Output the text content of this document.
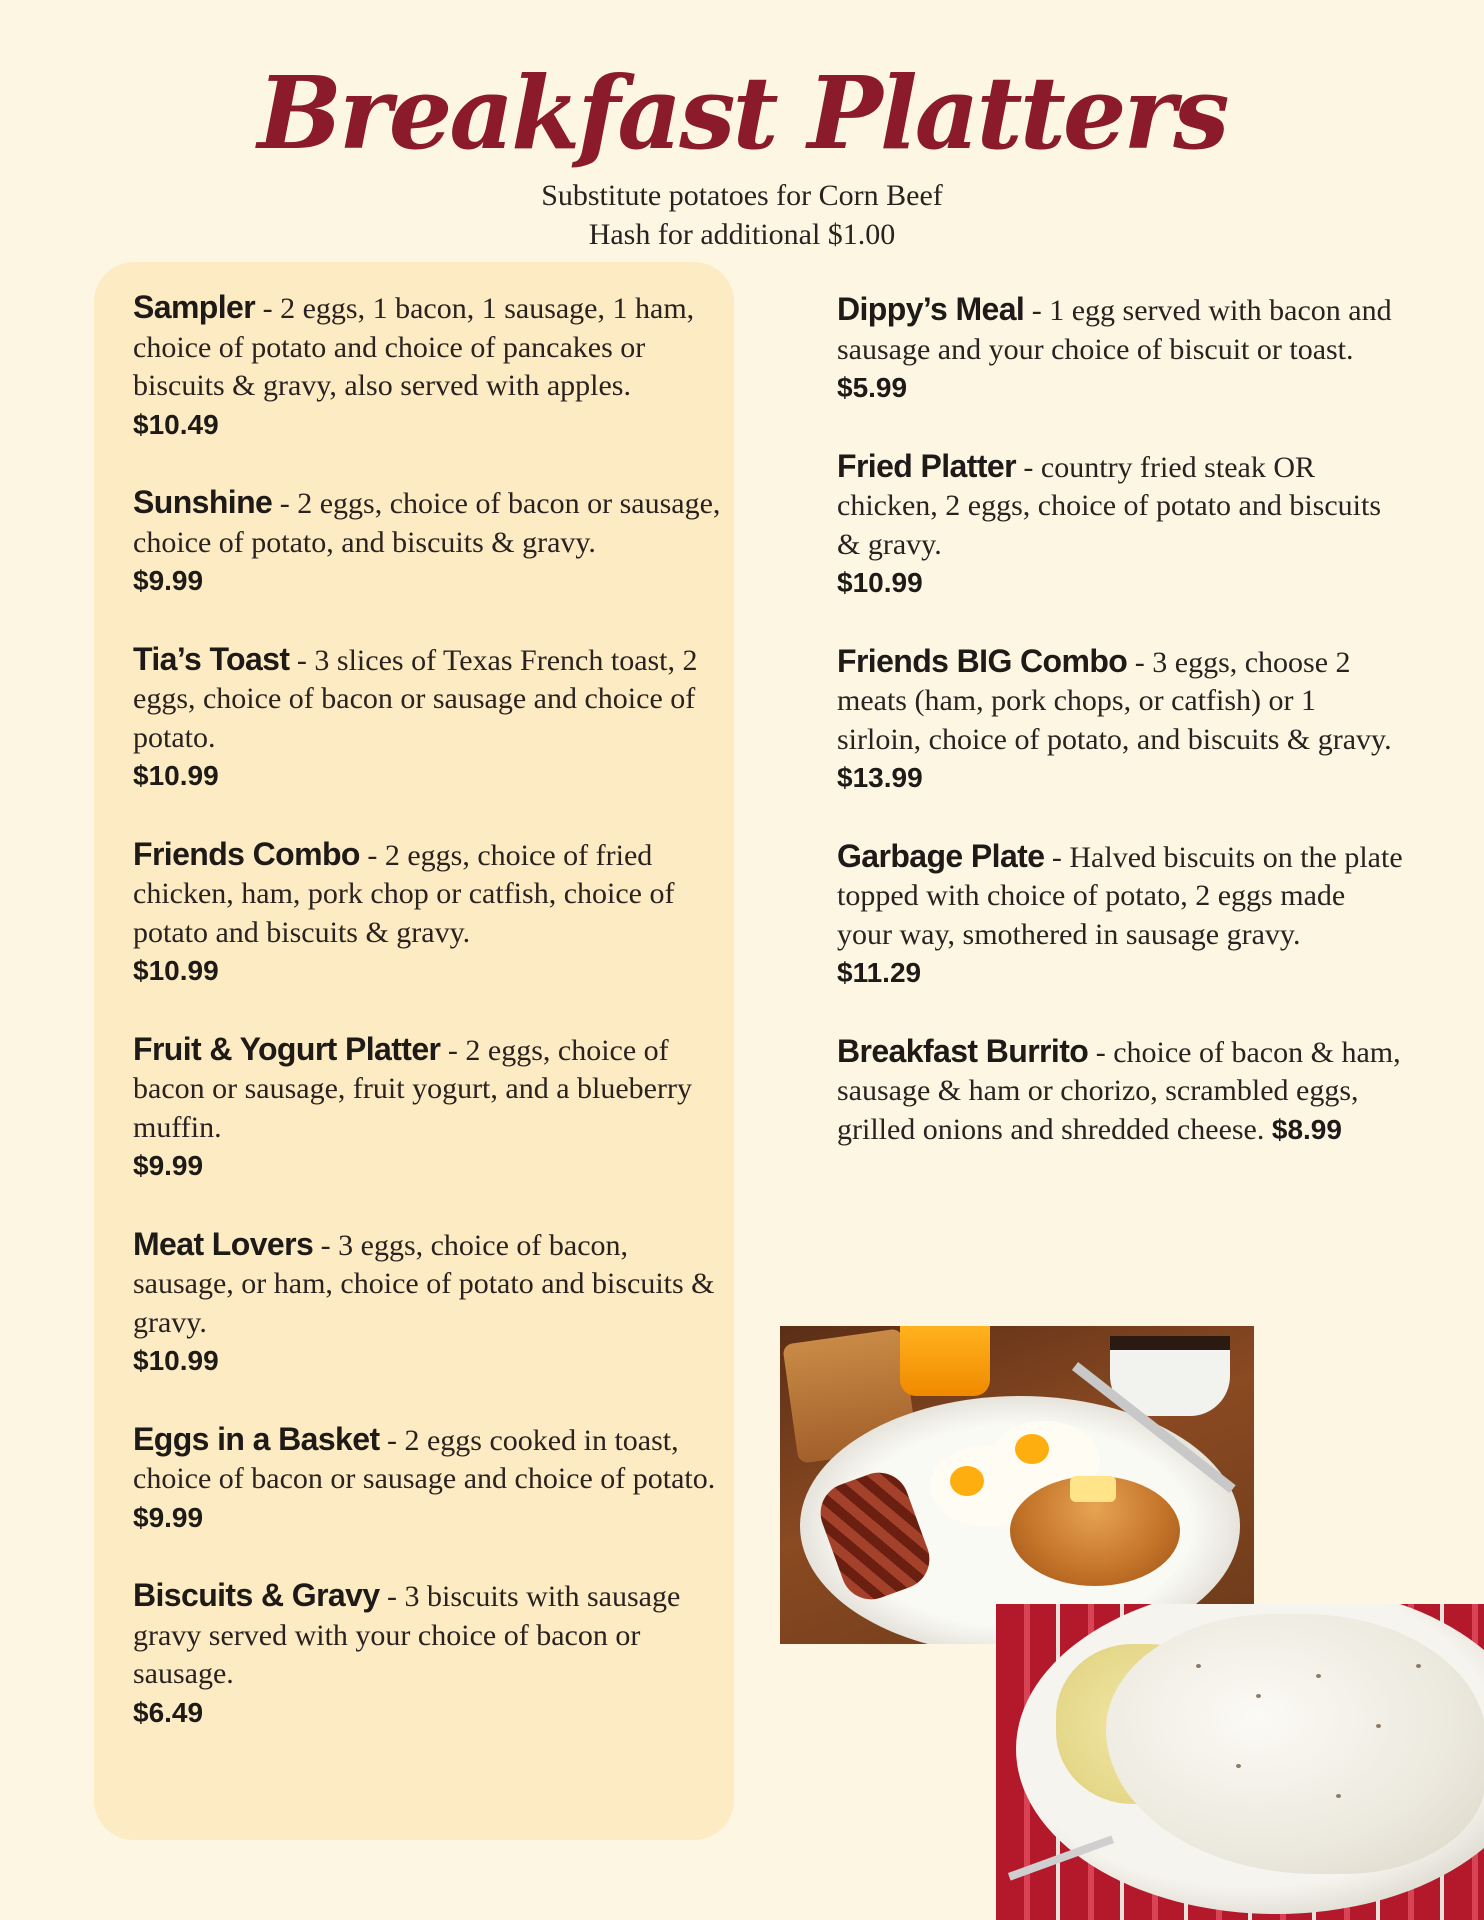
Breakfast Platters
Substitute potatoes for Corn Beef
Hash for additional $1.00
Sampler - 2 eggs, 1 bacon, 1 sausage, 1 ham, choice of potato and choice of pancakes or biscuits & gravy, also served with apples.
$10.49
Sunshine - 2 eggs, choice of bacon or sausage, choice of potato, and biscuits & gravy.
$9.99
Tia’s Toast - 3 slices of Texas French toast, 2 eggs, choice of bacon or sausage and choice of potato.
$10.99
Friends Combo - 2 eggs, choice of fried chicken, ham, pork chop or catfish, choice of potato and biscuits & gravy.
$10.99
Fruit & Yogurt Platter - 2 eggs, choice of bacon or sausage, fruit yogurt, and a blueberry muffin.
$9.99
Meat Lovers - 3 eggs, choice of bacon, sausage, or ham, choice of potato and biscuits & gravy.
$10.99
Eggs in a Basket - 2 eggs cooked in toast, choice of bacon or sausage and choice of potato.
$9.99
Biscuits & Gravy - 3 biscuits with sausage gravy served with your choice of bacon or sausage.
$6.49
Dippy’s Meal - 1 egg served with bacon and sausage and your choice of biscuit or toast.
$5.99
Fried Platter - country fried steak OR chicken, 2 eggs, choice of potato and biscuits & gravy.
$10.99
Friends BIG Combo - 3 eggs, choose 2 meats (ham, pork chops, or catfish) or 1 sirloin, choice of potato, and biscuits & gravy.
$13.99
Garbage Plate - Halved biscuits on the plate topped with choice of potato, 2 eggs made your way, smothered in sausage gravy.
$11.29
Breakfast Burrito - choice of bacon & ham, sausage & ham or chorizo, scrambled eggs, grilled onions and shredded cheese. $8.99
